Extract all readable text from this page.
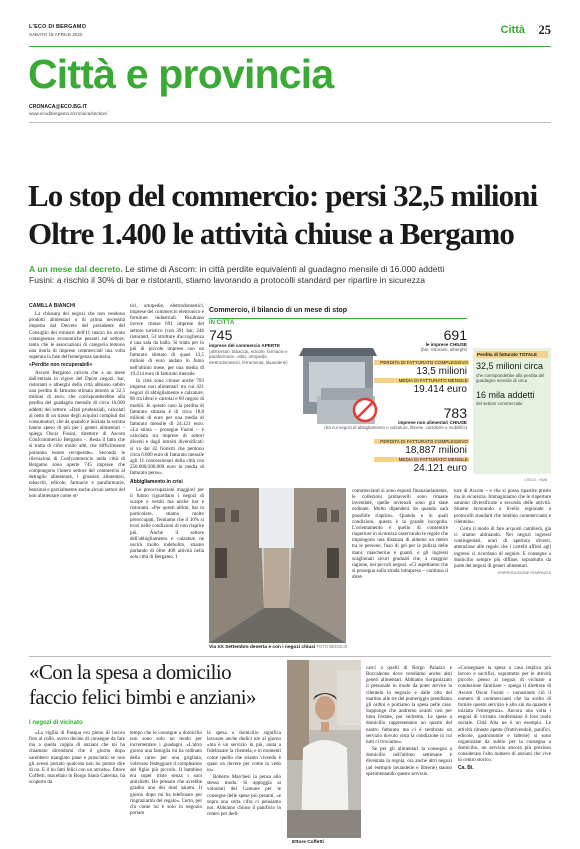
L'ECO DI BERGAMO
SABATO 18 APRILE 2020	Città 25
Città e provincia
CRONACA@ECO.BG.IT
www.ecodibergamo.it/cronaca/section/
Lo stop del commercio: persi 32,5 milioni
Oltre 1.400 le attività chiuse a Bergamo
A un mese dal decreto. Le stime di Ascom: in città perdite equivalenti al guadagno mensile di 16.000 addetti
Fusini: a rischio il 30% di bar e ristoranti, stiamo lavorando a protocolli standard per ripartire in sicurezza

CAMILLA BIANCHI

La chiusura dei negozi che non vendono prodotti alimentari o di prima necessità imposta dal Decreto del presidente del Consiglio dei ministri dell'11 marzo ha avuto conseguenze economiche pesanti sul settore, tanto che le associazioni di categoria temono una morìa di imprese commerciali una volta superata la fase dell'emergenza sanitaria.

«Perdite non recuperabili»

Ascom Bergamo calcola che a un mese dall'entrata in vigore del Dpcm negozi, bar, ristoranti e alberghi della città abbiano subito una perdita di fatturato stimata intorno ai 32,5 milioni di euro, che corrisponderebbe alla perdita del guadagno mensile di circa 16.000 addetti del settore. «Dati prudenziali, calcolati al netto di un trasso degli acquisti compiuti dai consumatori, che da quando è iniziata la serrata hanno speso di più per i generi alimentari – spiega Oscar Fusini, direttore di Ascom Confcommercio Bergamo –. Resta il fatto che si tratta di cifre molto alte, che difficilmente potranno essere recuperate». Secondo le rilevazioni di Confcommercio nella città di Bergamo sono aperte 745 imprese che compongono l'intero settore del commercio al dettaglio alimentare, i grossisti alimentari, tabacchi, edicole, farmacie e parafarmacie, benzinai e parzialmente anche alcuni settori del non alimentare come ot-

tici, ortopedie, elettrodomestici, imprese del commercio elettronico e forniture industriali. Risultano invece chiuse 691 imprese del settore turistico (con 391 bar, 246 ristoranti, 53 strutture d'accoglienza e una sala da ballo. Si tratta per lo più di piccole imprese con un fatturato stimato di quasi 13,5 milioni di euro andato in fumo nell'ultimo mese, per una media di 19.414 euro di fatturato mensile.

In città sono chiuse anche 783 imprese non alimentari tra cui 421 negozi di abbigliamento e calzature, 86 tra librai e cartolai e 69 negozi di mobili. In questo caso la perdita di fatturato stimata è di circa 18,8 milioni di euro per una media di fatturato mensile di 24.121 euro. «La stima – prosegue Fusini – è calcolata tra imprese di settori diversi e dagli introiti diversificati: si va dai 42 fiorisrti che perdono circa 6.600 euro di fatturato mensile agli 11 concessionari della città con 250.000/300.000 euro in media di fatturato perso».

Abbigliamento in crisi

Le preoccupazioni maggiori per il futuro riguardano i negozi di scarpe e vestiti ma anche bar e ristoranti. «Per questi ultimi, bar in particolare, stiamo molto preoccupati. Temiamo che il 30% si trovi nelle condizioni di non riaprire più. Anche il settore dell'abbigliamento e calzature ne uscirà molto indebolito, stiamo parlando di oltre 400 attività nella sola città di Bergamo. I

Commercio, il bilancio di un mese di stop
IN CITTÀ
745
imprese del commercio APERTE
(alimentari, tabaccai, edicole, farmacie e parafarmacie, ottici, ortopedie, elettrodomestici, ferramenta, lavanderie)
691
le imprese CHIUSE
(bar, ristoranti, alberghi)
PERDITA DI FATTURATO COMPLESSIVO
13,5 milioni
MEDIA DI FATTURATO MENSILE
19.414 euro
783
imprese non alimentari CHIUSE
(tra cui negozi di abbigliamento e calzature, librerie, cartolerie e mobilifici)
PERDITA DI FATTURATO COMPLESSIVO
18,887 milioni
MEDIA DI FATTURATO MENSILE
24.121 euro
Perdita di fatturato TOTALE
32,5 milioni circa
che corrispondebbe alla perdita del guadagno mensile di circa
16 mila addetti
del settore commerciale
L'ECO - HUB
Via XX Settembre deserta e con i negozi chiusi FOTO BEDOLIS

commercianti si sono esposti finanziariamente, le collezioni primaverili sono rimaste invendute, quelle invernali sono già state ordinate. Molto dipenderà da quando sarà possibile riaprire». Quando e in quali condizioni, questa è la grande incognita. L'orientamento è quello di consentire riaperture in sicurezza osservando le regole che impongono una distanza di almeno un metro tra le persone, l'uso di gel per la pulizia delle mani, mascherine e guanti, e gli ingressi scaglionati sicuri graduali che, a maggior ragione, nei piccoli negozi. «Ci aspettiamo che si prosegua sulla strada intrapresa – continua il diret-

tore di Ascom – e che si possa ripartire presto ma in sicurezza. Immaginiamo che le riaperture saranno diversificate a seconda delle attività. Stiamo lavorando a livello regionale a protocolli standard che tutelino commercianti e clientela».

Certo il modo di fare acquisti cambierà, già ci stiamo abituando. Nei negozi ingressi contingentati, orari di apertura diversi, attenzione alle regole che i cartelli affissi agli ingressi ci ricordano di seguire. E consegne a domicilio sempre più diffuse, soprattutto da parte dei negozi di generi alimentari.

©RIPRODUZIONE RISERVATA

«Con la spesa a domicilio
faccio felici bimbi e anziani»
I negozi di vicinato

«La vigilia di Pasqua ero pieno di lavoro fino al collo, avevo decine di consegne da fare ma a quella coppia di anziani che mi ha chiamato dicendomi che il giorno dopo sarebbero mangiato pane e prosciutto se non gli avessi portato qualcosa non ho potuto dire di no. E il ho fatti felici con un arrosto». Ettore Coffetti, macellaio in Borgo Santa Caterina, ha scoperto da

tempo che le consegne a domicilio non sono solo un modo per incrementare i guadagni. «L'altro giorno una famiglia mi ha ordinato della carne per una grigliata, volevano festeggiare il compleanno del figlio più piccolo. Il bambino era super triste senza i suoi amichetti. Ho pensato che avrebbe gradito uno dei miei salami. Il giorno dopo mi ha telefonato per ringraziarmi del regalo». Certo, per chi come lui è solo in negozio portare

la spesa a domicilio significa lavorare anche dodici ore al giorno «ma è un servizio in più, aiuta a fidelizzare la clientela, e in momenti come quello che stiamo vivendo è quasi un dovere per come la vedo io».

Roberto Marchesi la pensa allo stesso modo. Si appoggia ai volontari del Comune per le consegne delle spese più pesanti, «e sopra una certa cifra ci pensiamo noi. Abbiamo chiuso il panificio in centro per dedi-

Ettore Coffetti

carci a quelli di Borgo Palazzo e Boccaleone dove vendiamo anche altri generi alimentari. Abbiamo riorganizzato il personale in modo da poter servire la clientela in negozio e dalle otto del mattino alle tre del pomeriggio prendiamo gli ordini e portiamo la spesa nelle case. Supponge che andremo avanti così per tutta l'estate, poi vedremo. Le spese a domicilio rappresentano un quarto del nostro fatturato ma ci è sembrato un servizio dovuto vista la condizione in cui tutti ci troviamo».

Se per gli alimentari la consegna a domicilio nell'ultimo settimane è diventata la regola, ora anche altri negozi (ad esempio lavanderie e librerie) stanno sperimentando questo servizio.

«Consegnare la spesa a casa implica più lavoro e sacrifici, soprattutto per le attività piccole, penso ai negozi di vicinato a conduzione familiare – spiega il direttore di Ascom Oscar Fusini – nonostante ciò il numero di commercianti che ha scelto di fornire questo servizio è alto sin da quando è iniziata l'emergenza». Ancora una volta i negozi di vicinato confermano il loro ruolo sociale. Città Alta ne è un esempio. Le attività rimaste aperte (fruttivendoli, panifici, edicole, gastronomie e latterie) si sono organizzate da subito per la consegna a domicilio, un servizio ancora più prezioso considerato l'alto numero di anziani che vive in centro storico.

Ca. Bi.
